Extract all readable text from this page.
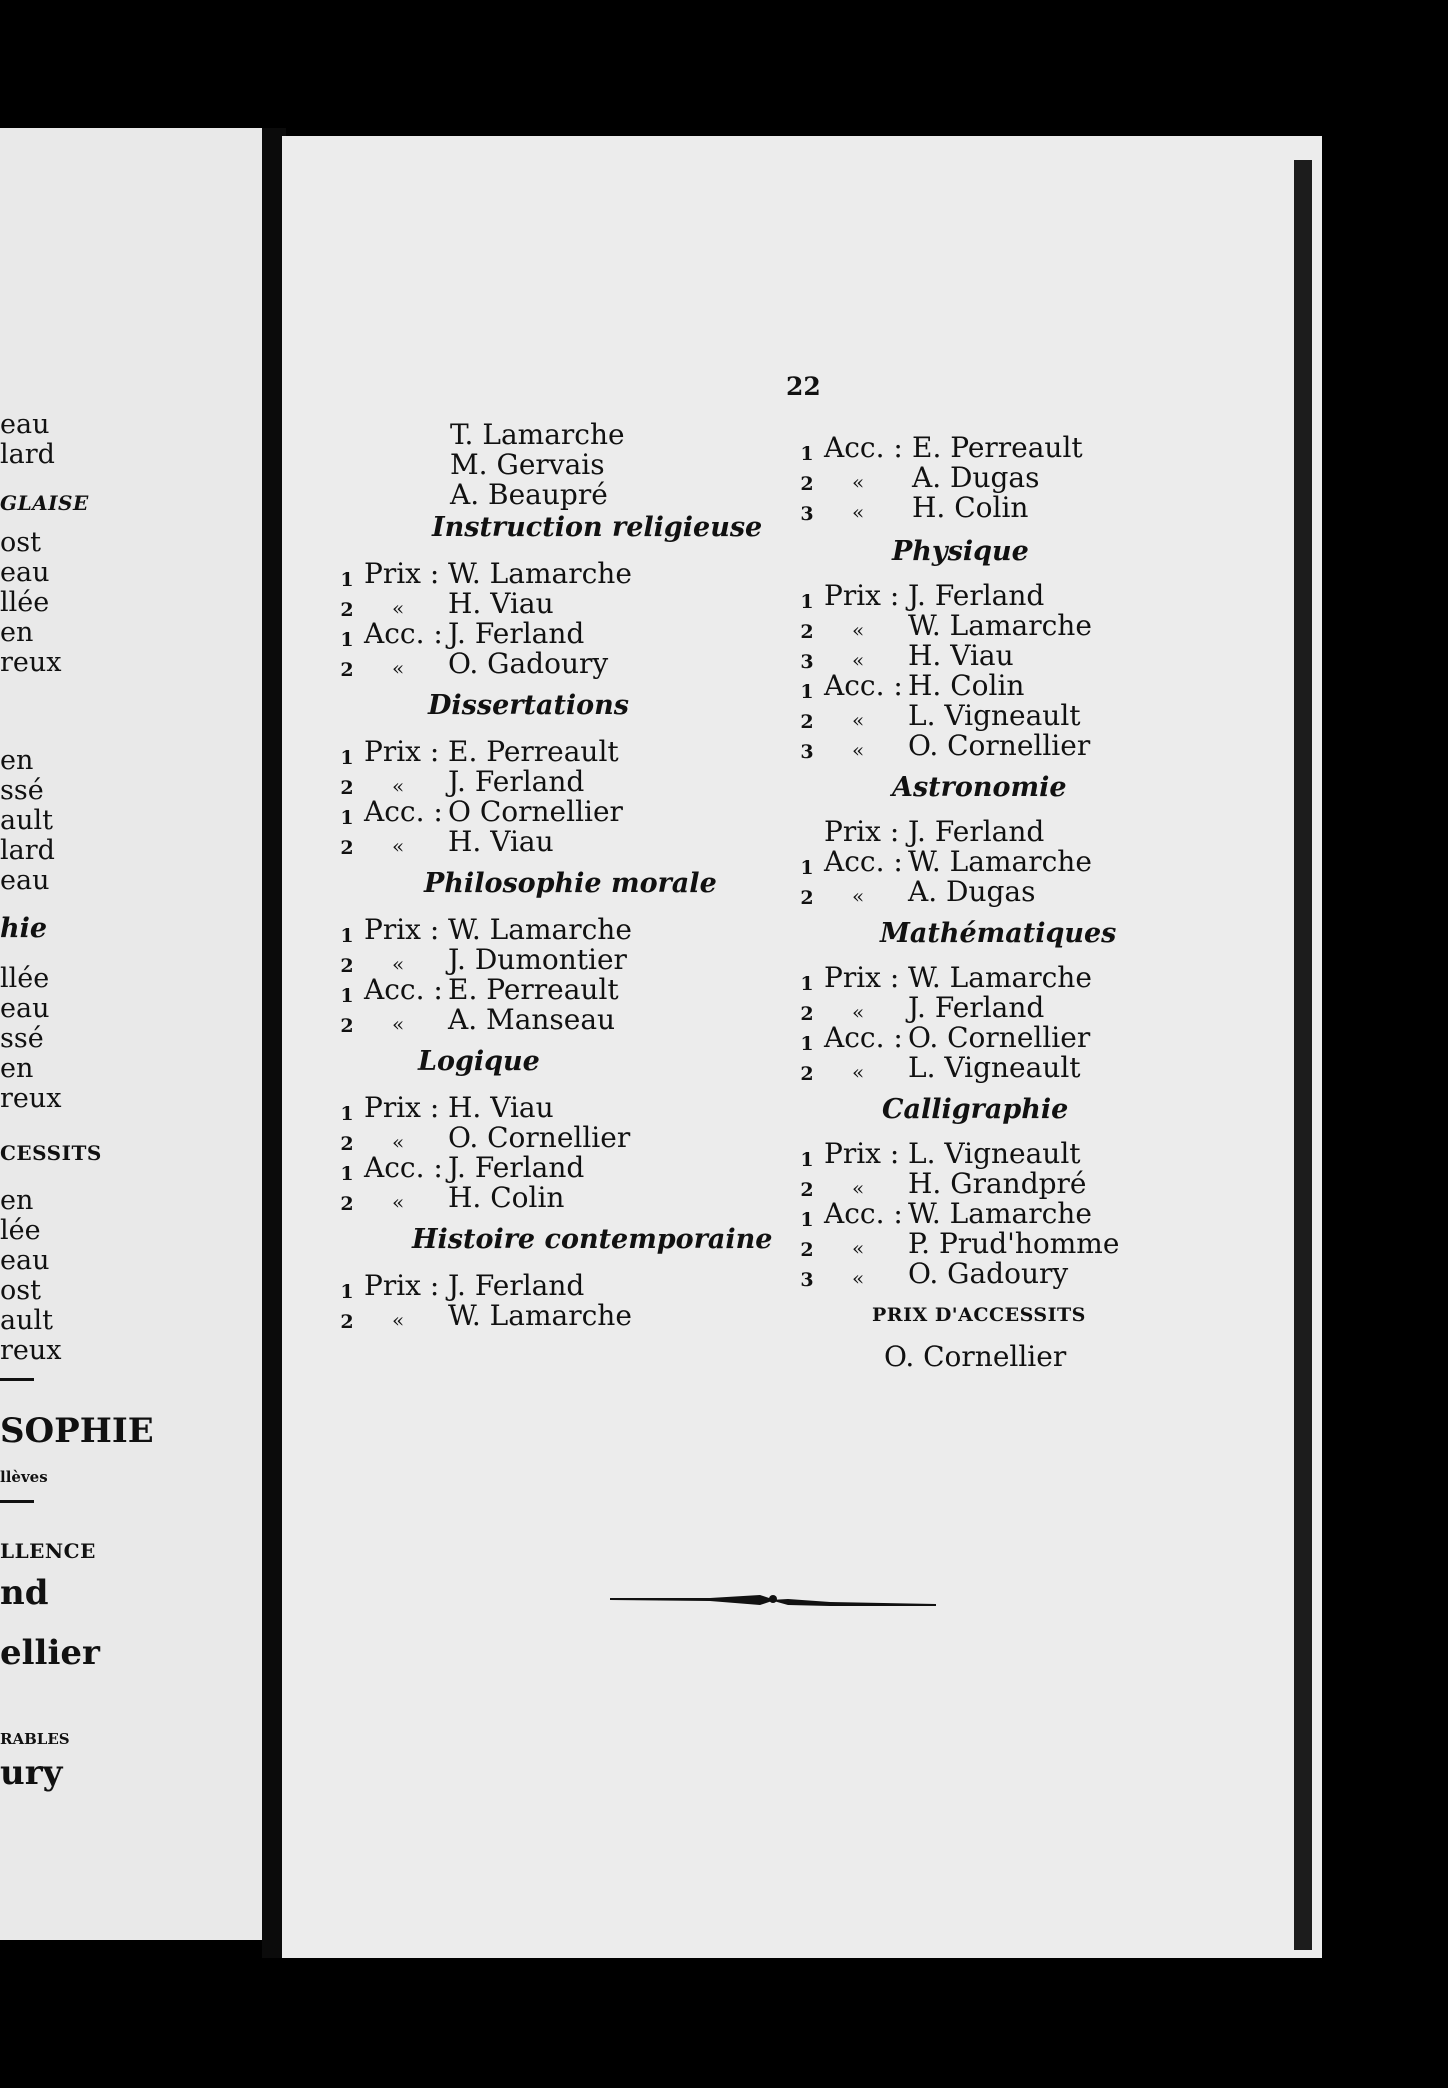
eau
lard
GLAISE
ost
eau
llée
en
reux
en
ssé
ault
lard
eau
hie
llée
eau
ssé
en
reux
CESSITS
en
lée
eau
ost
ault
reux
SOPHIE
llèves
LLENCE
nd
ellier
RABLES
ury
22
T. Lamarche
M. Gervais
A. Beaupré
Instruction religieuse
1 Prix : W. Lamarche
2 « H. Viau
1 Acc. : J. Ferland
2 « O. Gadoury
Dissertations
1 Prix : E. Perreault
2 « J. Ferland
1 Acc. : O Cornellier
2 « H. Viau
Philosophie morale
1 Prix : W. Lamarche
2 « J. Dumontier
1 Acc. : E. Perreault
2 « A. Manseau
Logique
1 Prix : H. Viau
2 « O. Cornellier
1 Acc. : J. Ferland
2 « H. Colin
Histoire contemporaine
1 Prix : J. Ferland
2 « W. Lamarche
1 Acc. : E. Perreault
2 « A. Dugas
3 « H. Colin
Physique
1 Prix : J. Ferland
2 « W. Lamarche
3 « H. Viau
1 Acc. : H. Colin
2 « L. Vigneault
3 « O. Cornellier
Astronomie
Prix : J. Ferland
1 Acc. : W. Lamarche
2 « A. Dugas
Mathématiques
1 Prix : W. Lamarche
2 « J. Ferland
1 Acc. : O. Cornellier
2 « L. Vigneault
Calligraphie
1 Prix : L. Vigneault
2 « H. Grandpré
1 Acc. : W. Lamarche
2 « P. Prud'homme
3 « O. Gadoury
PRIX D'ACCESSITS
O. Cornellier
